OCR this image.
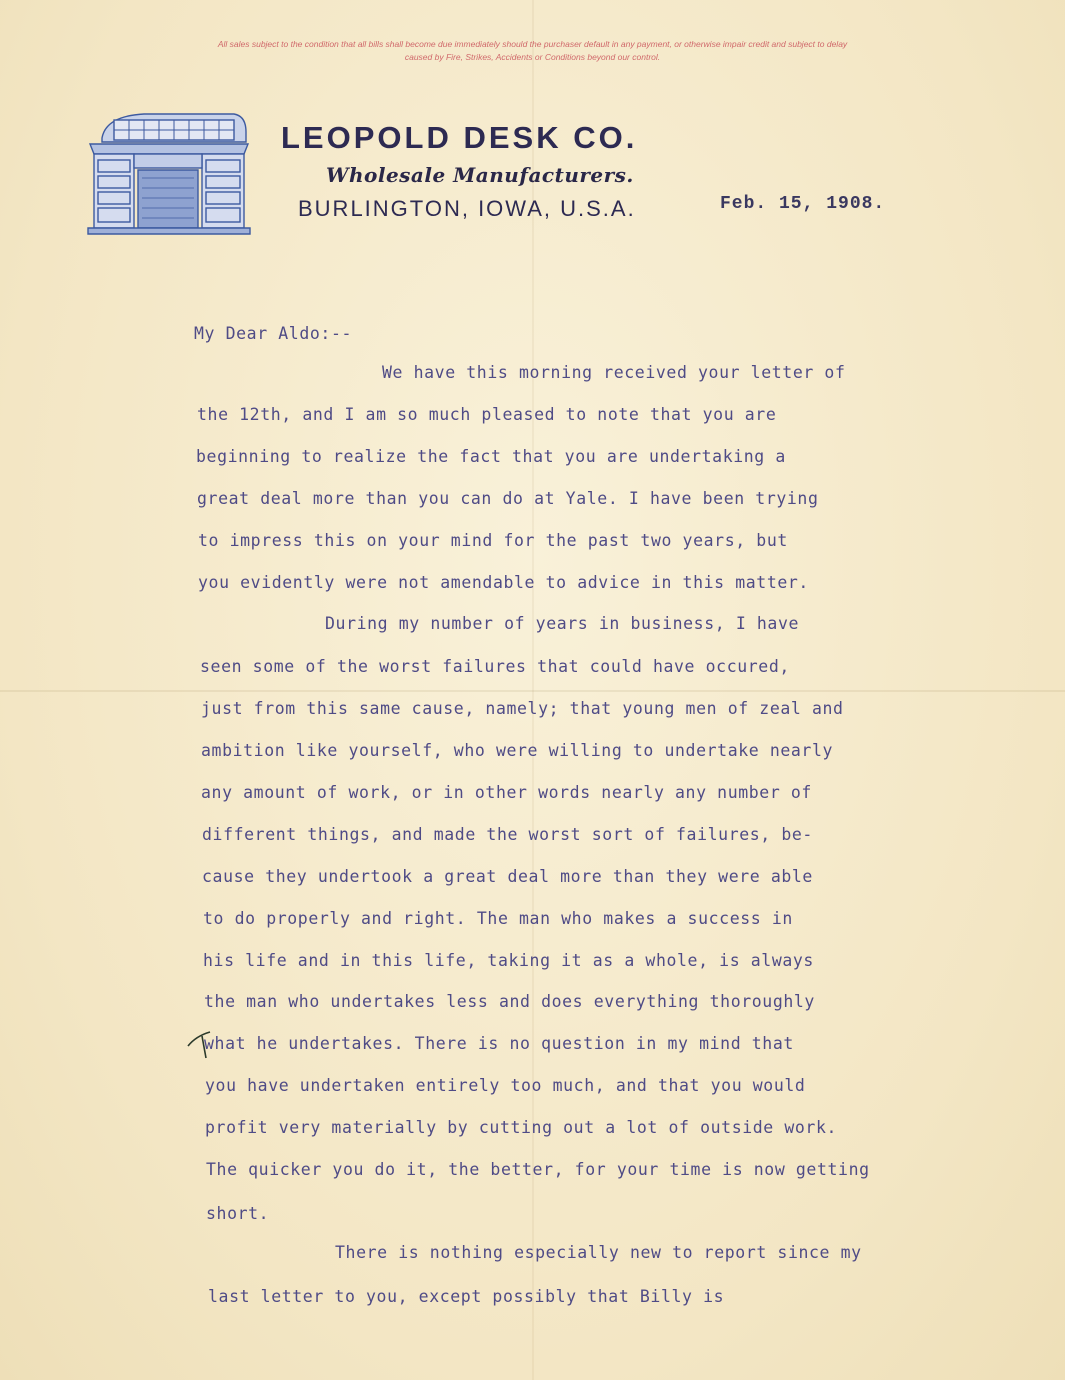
All sales subject to the condition that all bills shall become due immediately should the purchaser default in any payment, or otherwise impair credit and subject to delay
caused by Fire, Strikes, Accidents or Conditions beyond our control.
LEOPOLD DESK CO.
Wholesale Manufacturers.
BURLINGTON, IOWA, U.S.A.	Feb. 15, 1908.
My Dear Aldo:--
We have this morning received your letter of
the 12th, and I am so much pleased to note that you are
beginning to realize the fact that you are undertaking a
great deal more than you can do at Yale. I have been trying
to impress this on your mind for the past two years, but
you evidently were not amendable to advice in this matter.
During my number of years in business, I have
seen some of the worst failures that could have occured,
just from this same cause, namely; that young men of zeal and
ambition like yourself, who were willing to undertake nearly
any amount of work, or in other words nearly any number of
different things, and made the worst sort of failures, be-
cause they undertook a great deal more than they were able
to do properly and right. The man who makes a success in
his life and in this life, taking it as a whole, is always
the man who undertakes less and does everything thoroughly
what he undertakes. There is no question in my mind that
you have undertaken entirely too much, and that you would
profit very materially by cutting out a lot of outside work.
The quicker you do it, the better, for your time is now getting
short.
There is nothing especially new to report since my
last letter to you, except possibly that Billy is
